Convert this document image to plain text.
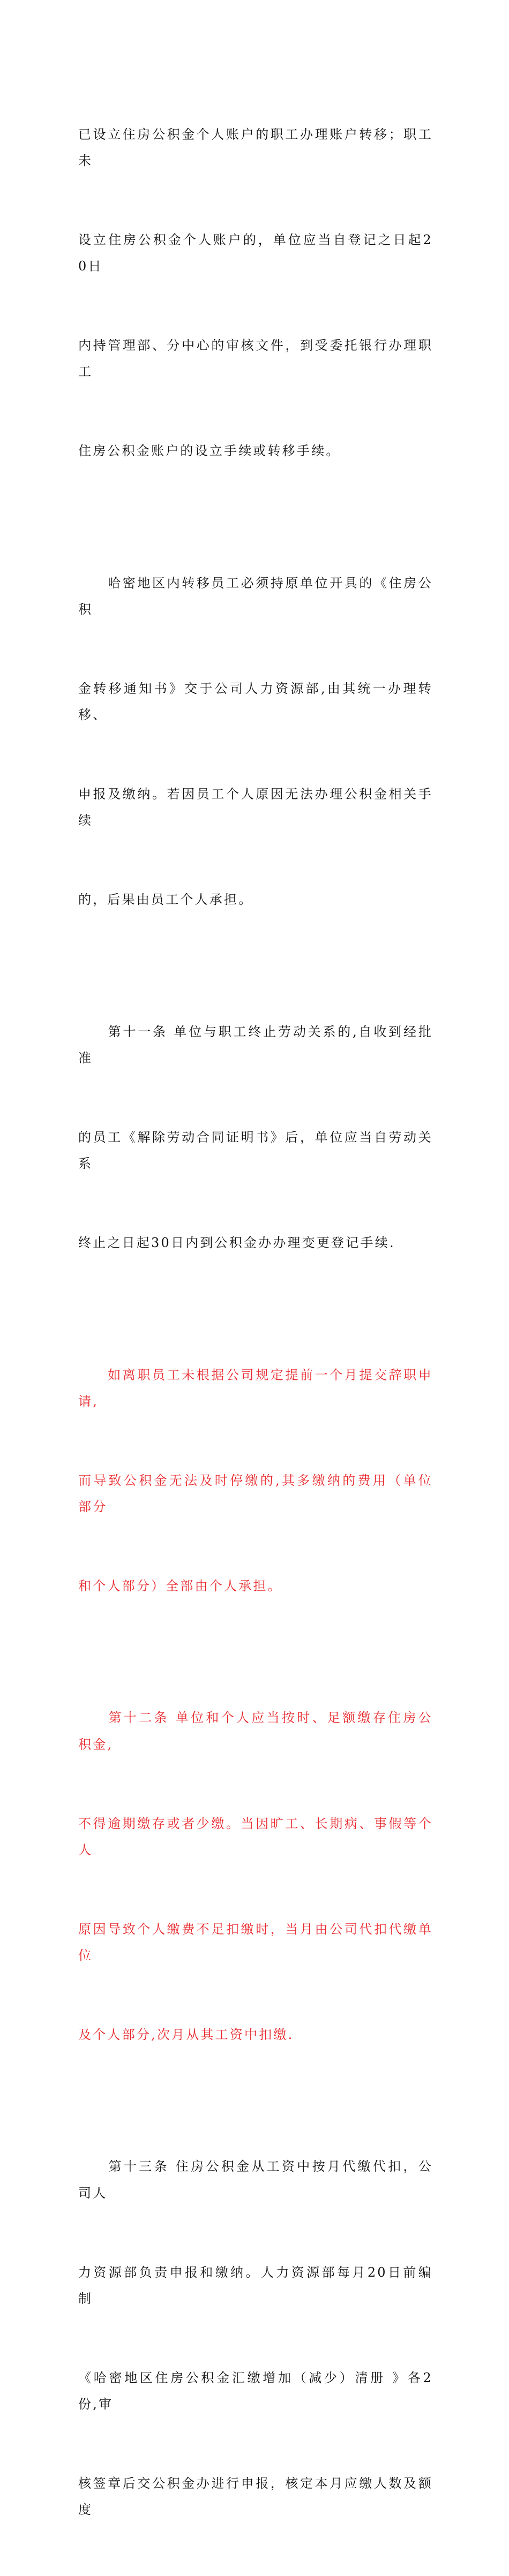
已设立住房公积金个人账户的职工办理账户转移；职工未

设立住房公积金个人账户的，单位应当自登记之日起20日

内持管理部、分中心的审核文件，到受委托银行办理职工

住房公积金账户的设立手续或转移手续。

　　哈密地区内转移员工必须持原单位开具的《住房公积

金转移通知书》交于公司人力资源部,由其统一办理转移、

申报及缴纳。若因员工个人原因无法办理公积金相关手续

的，后果由员工个人承担。

　　第十一条 单位与职工终止劳动关系的,自收到经批准

的员工《解除劳动合同证明书》后，单位应当自劳动关系

终止之日起30日内到公积金办办理变更登记手续.

　　如离职员工未根据公司规定提前一个月提交辞职申请,

而导致公积金无法及时停缴的,其多缴纳的费用（单位部分

和个人部分）全部由个人承担。

　　第十二条 单位和个人应当按时、足额缴存住房公积金,

不得逾期缴存或者少缴。当因旷工、长期病、事假等个人

原因导致个人缴费不足扣缴时，当月由公司代扣代缴单位

及个人部分,次月从其工资中扣缴.

　　第十三条 住房公积金从工资中按月代缴代扣，公司人

力资源部负责申报和缴纳。人力资源部每月20日前编制

《哈密地区住房公积金汇缴增加（减少）清册 》各2份,审

核签章后交公积金办进行申报，核定本月应缴人数及额度
